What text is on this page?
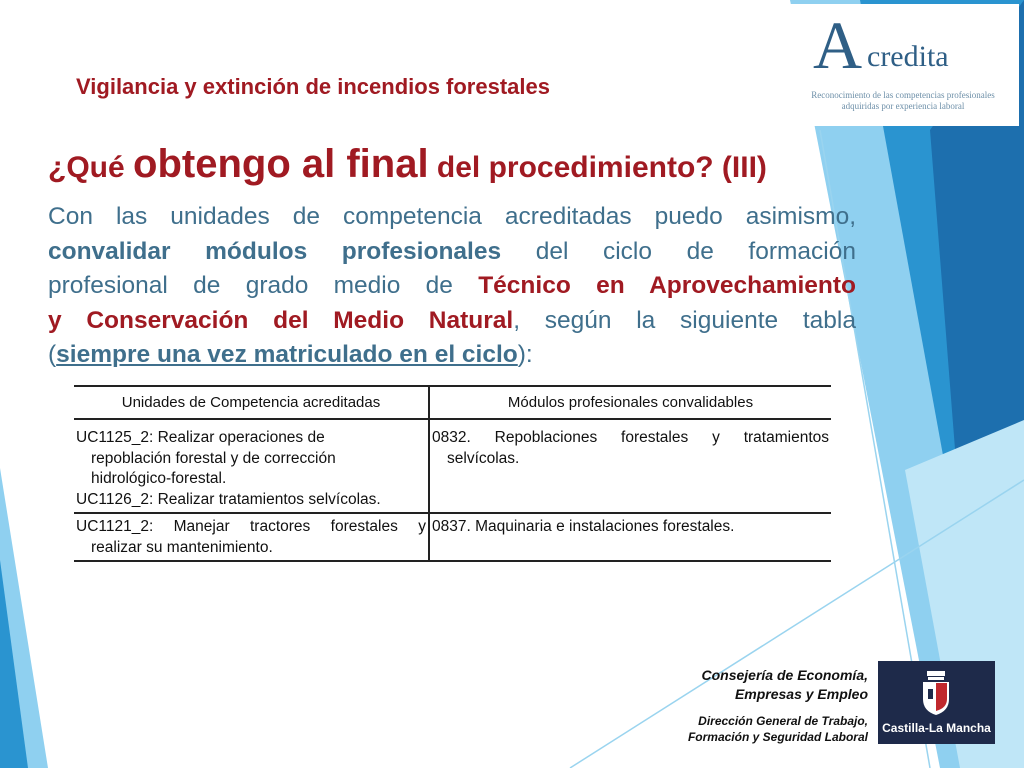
A credita
Reconocimiento de las competencias profesionales
adquiridas por experiencia laboral
Vigilancia y extinción de incendios forestales
¿Qué obtengo al final del procedimiento? (III)
Con las unidades de competencia acreditadas puedo asimismo,
convalidar módulos profesionales del ciclo de formación
profesional de grado medio de Técnico en Aprovechamiento
y Conservación del Medio Natural, según la siguiente tabla
(siempre una vez matriculado en el ciclo):
Unidades de Competencia acreditadas	Módulos profesionales convalidables
UC1125_2: Realizar operaciones de

repoblación forestal y de corrección
hidrológico-forestal.
UC1126_2: Realizar tratamientos selvícolas.	0832. Repoblaciones forestales y tratamientos
selvícolas.

UC1121_2: Manejar tractores forestales y
realizar su mantenimiento.	0837. Maquinaria e instalaciones forestales.
Consejería de Economía,
Empresas y Empleo
Dirección General de Trabajo,
Formación y Seguridad Laboral
Castilla-La Mancha
